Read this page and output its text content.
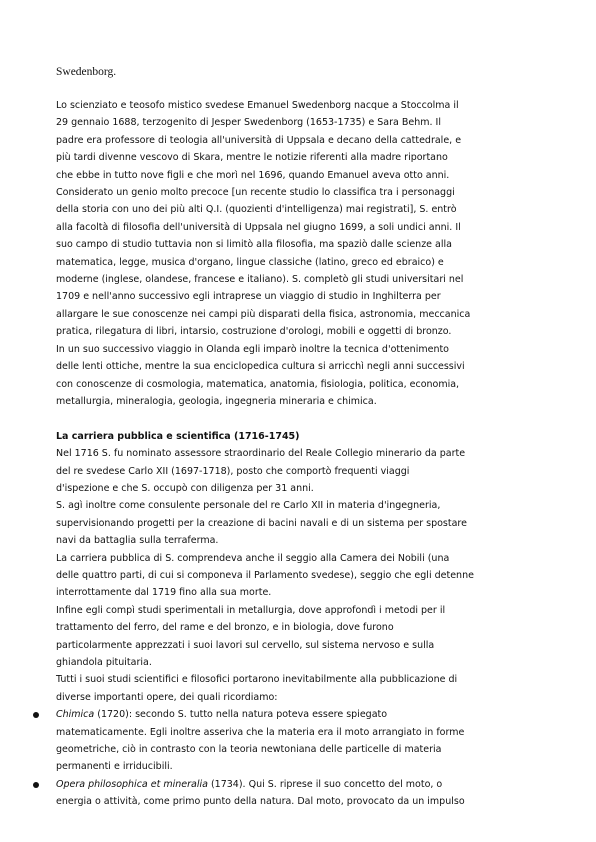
Swedenborg.

Lo scienziato e teosofo mistico svedese Emanuel Swedenborg nacque a Stoccolma il
29 gennaio 1688, terzogenito di Jesper Swedenborg (1653-1735) e Sara Behm. Il
padre era professore di teologia all'università di Uppsala e decano della cattedrale, e
più tardi divenne vescovo di Skara, mentre le notizie riferenti alla madre riportano
che ebbe in tutto nove figli e che morì nel 1696, quando Emanuel aveva otto anni.
Considerato un genio molto precoce [un recente studio lo classifica tra i personaggi
della storia con uno dei più alti Q.I. (quozienti d'intelligenza) mai registrati], S. entrò
alla facoltà di filosofia dell'università di Uppsala nel giugno 1699, a soli undici anni. Il
suo campo di studio tuttavia non si limitò alla filosofia, ma spaziò dalle scienze alla
matematica, legge, musica d'organo, lingue classiche (latino, greco ed ebraico) e
moderne (inglese, olandese, francese e italiano). S. completò gli studi universitari nel
1709 e nell'anno successivo egli intraprese un viaggio di studio in Inghilterra per
allargare le sue conoscenze nei campi più disparati della fisica, astronomia, meccanica
pratica, rilegatura di libri, intarsio, costruzione d'orologi, mobili e oggetti di bronzo.
In un suo successivo viaggio in Olanda egli imparò inoltre la tecnica d'ottenimento
delle lenti ottiche, mentre la sua enciclopedica cultura si arricchì negli anni successivi
con conoscenze di cosmologia, matematica, anatomia, fisiologia, politica, economia,
metallurgia, mineralogia, geologia, ingegneria mineraria e chimica.

La carriera pubblica e scientifica (1716-1745)
Nel 1716 S. fu nominato assessore straordinario del Reale Collegio minerario da parte
del re svedese Carlo XII (1697-1718), posto che comportò frequenti viaggi
d'ispezione e che S. occupò con diligenza per 31 anni.
S. agì inoltre come consulente personale del re Carlo XII in materia d'ingegneria,
supervisionando progetti per la creazione di bacini navali e di un sistema per spostare
navi da battaglia sulla terraferma.
La carriera pubblica di S. comprendeva anche il seggio alla Camera dei Nobili (una
delle quattro parti, di cui si componeva il Parlamento svedese), seggio che egli detenne
interrottamente dal 1719 fino alla sua morte.
Infine egli compì studi sperimentali in metallurgia, dove approfondì i metodi per il
trattamento del ferro, del rame e del bronzo, e in biologia, dove furono
particolarmente apprezzati i suoi lavori sul cervello, sul sistema nervoso e sulla
ghiandola pituitaria.
Tutti i suoi studi scientifici e filosofici portarono inevitabilmente alla pubblicazione di
diverse importanti opere, dei quali ricordiamo:

Chimica (1720): secondo S. tutto nella natura poteva essere spiegato
matematicamente. Egli inoltre asseriva che la materia era il moto arrangiato in forme
geometriche, ciò in contrasto con la teoria newtoniana delle particelle di materia
permanenti e irriducibili.
Opera philosophica et mineralia (1734). Qui S. riprese il suo concetto del moto, o
energia o attività, come primo punto della natura. Dal moto, provocato da un impulso
